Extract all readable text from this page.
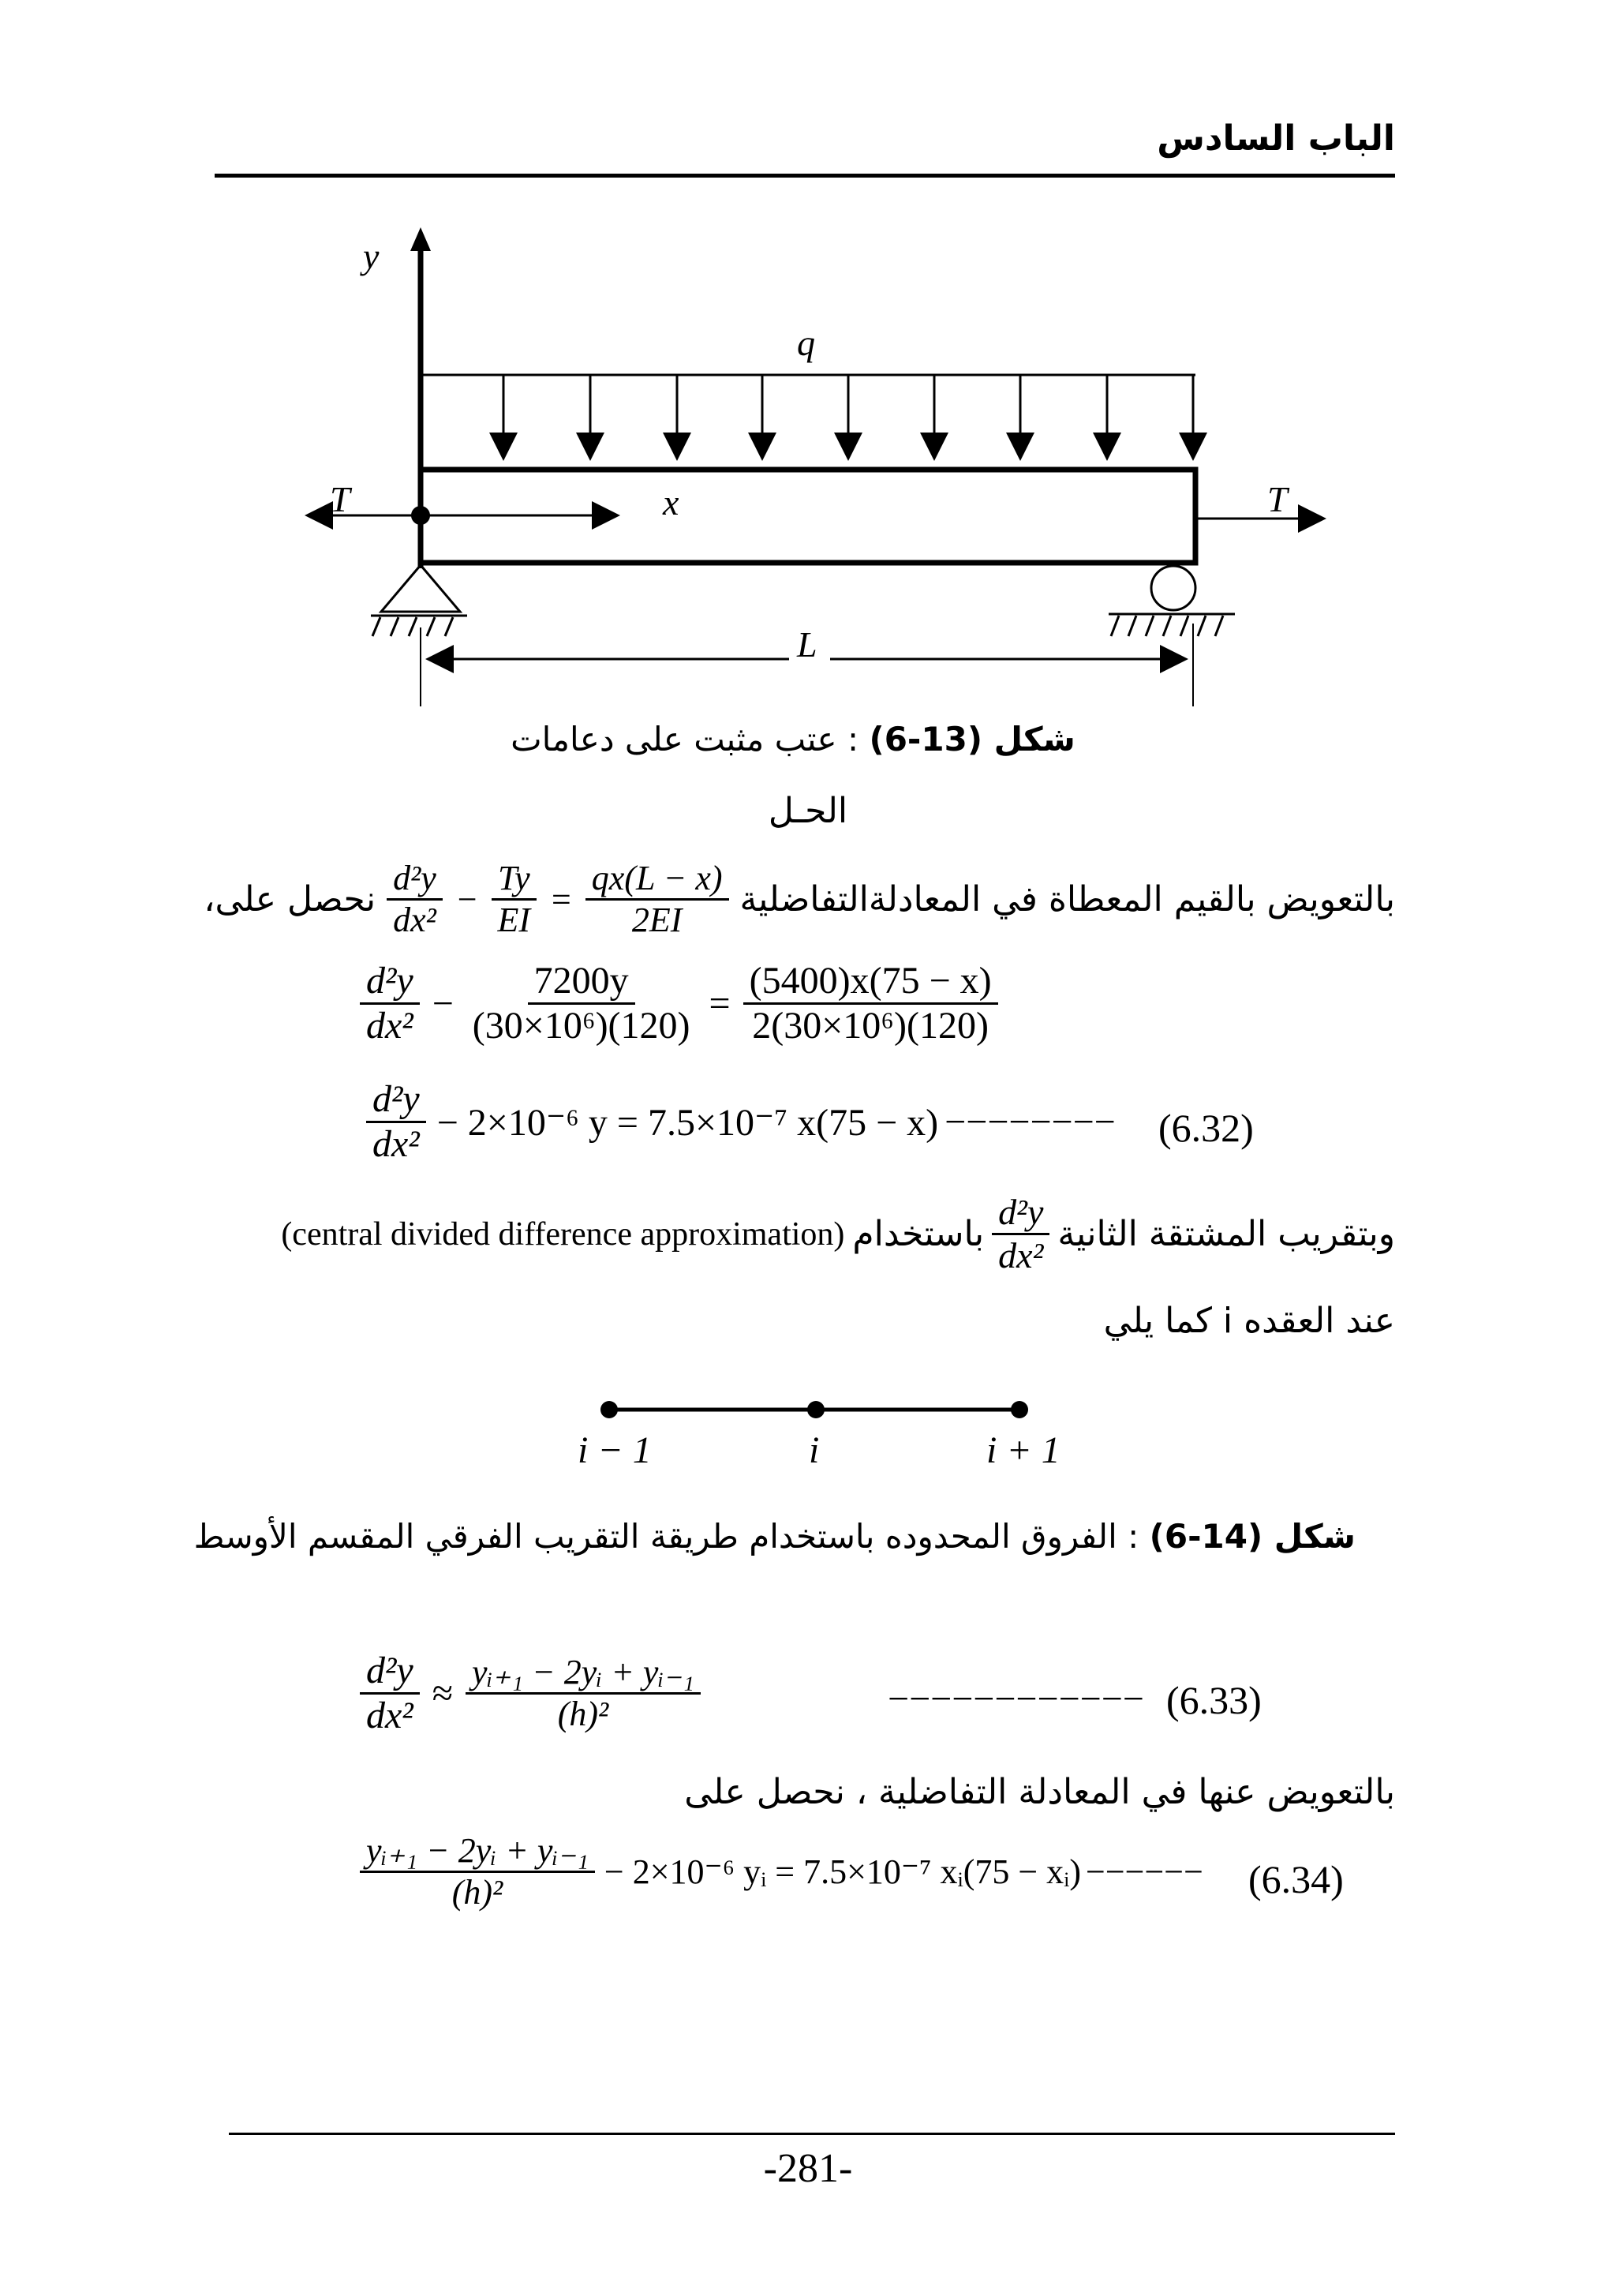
الباب السادس
y
q
x
T	T
L
شكل (13-6) : عتب مثبت على دعامات
الحـل
بالتعويض بالقيم المعطاة في المعادلةالتفاضلية
$\frac{\text{d²y}}{\text{dx²}} - \frac{Ty}{EI} = \frac{qx(L - x)}{2EI}$
نحصل على،
$\frac{\text{d²y}}{\text{dx²}} - \frac{7200y}{\text{(30×10⁶)(120)}} = \frac{(5400)x(75 - x)}{\text{2(30×10⁶)(120)}}$
$\frac{\text{d²y}}{\text{dx²}} - 2\times 10^{-6}$ y = 7.5×10⁻⁷ x(75 − x) −−−−−−−− (6.32)
وبتقريب المشتقة الثانية
$\frac{\text{d²y}}{\text{dx²}}$
باستخدام
(central divided difference approximation)
عند العقده i كما يلي
i − 1	i	i + 1
شكل (14-6) : الفروق المحدوده باستخدام طريقة التقريب الفرقي المقسم الأوسط
$\frac{\text{d²y}}{\text{dx²}} \approx \frac{\text{yᵢ₊₁ − 2yᵢ + yᵢ₋₁}}{\text{(h)²}}$	−−−−−−−−−−−− (6.33)
بالتعويض عنها في المعادلة التفاضلية ، نحصل على
$\frac{\text{yᵢ₊₁ − 2yᵢ + yᵢ₋₁}}{\text{(h)²}} - 2\times 10^{-6}$ yᵢ = 7.5×10⁻⁷ xᵢ(75 − xᵢ) −−−−−− (6.34)
-281-
